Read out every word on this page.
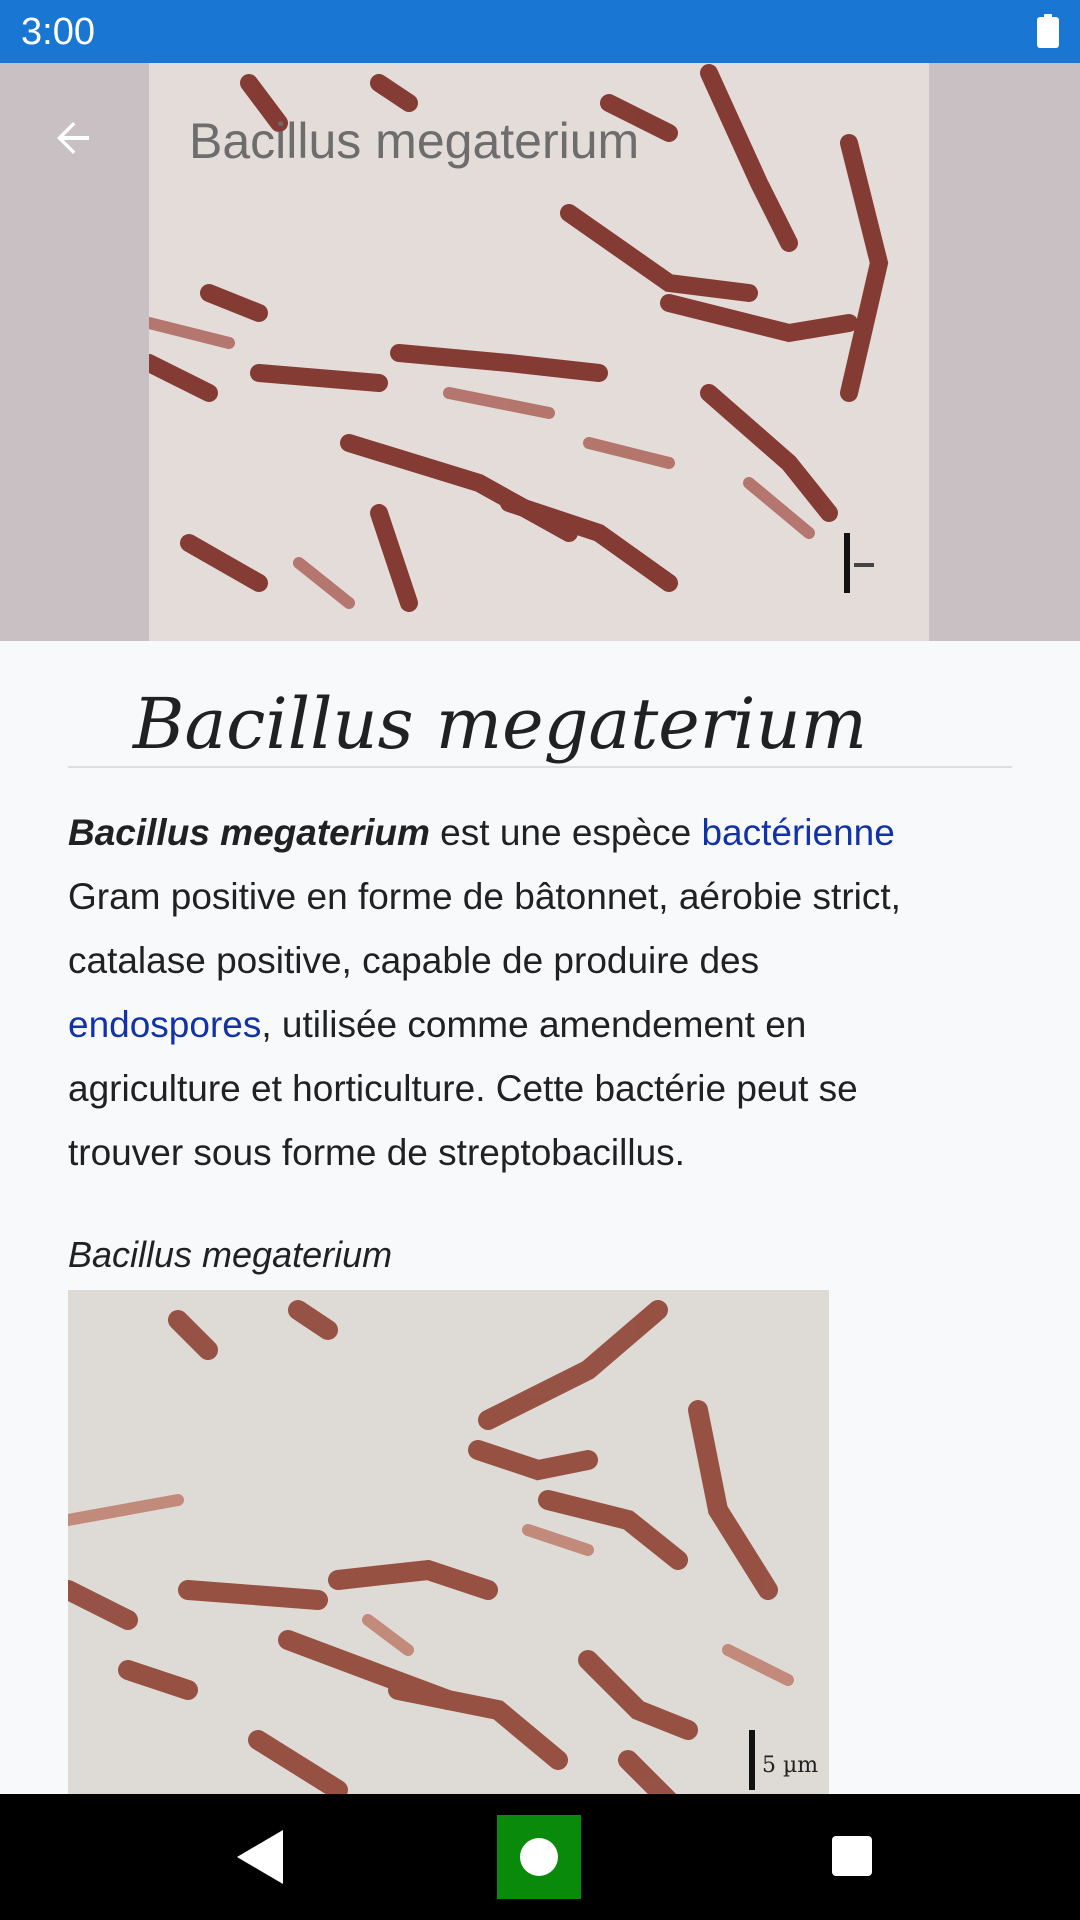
3:00
Bacillus megaterium
Bacillus megaterium
Bacillus megaterium est une espèce bactérienne
Gram positive en forme de bâtonnet, aérobie strict,
catalase positive, capable de produire des
endospores, utilisée comme amendement en
agriculture et horticulture. Cette bactérie peut se
trouver sous forme de streptobacillus.
Bacillus megaterium
5 µm
